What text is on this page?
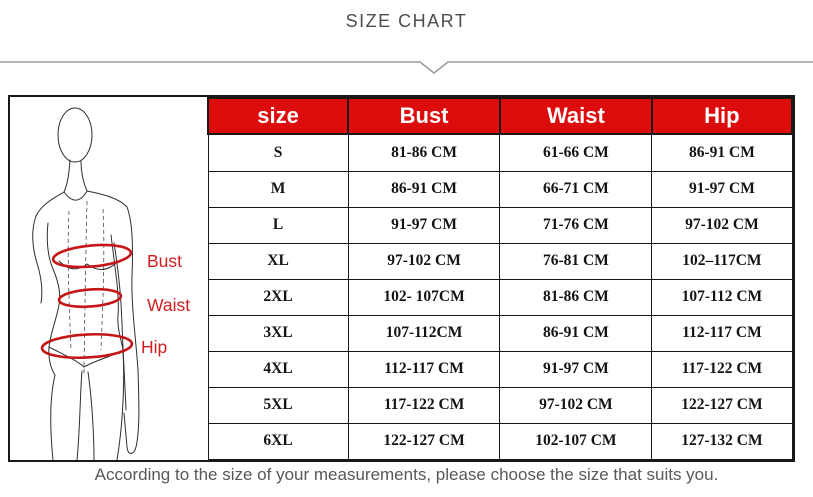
SIZE CHART
Bust
Waist
Hip
size	Bust	Waist	Hip
S	81-86 CM	61-66 CM	86-91 CM
M	86-91 CM	66-71 CM	91-97 CM
L	91-97 CM	71-76 CM	97-102 CM
XL	97-102 CM	76-81 CM	102–117CM
2XL	102- 107CM	81-86 CM	107-112 CM
3XL	107-112CM	86-91 CM	112-117 CM
4XL	112-117 CM	91-97 CM	117-122 CM
5XL	117-122 CM	97-102 CM	122-127 CM
6XL	122-127 CM	102-107 CM	127-132 CM

According to the size of your measurements, please choose the size that suits you.
